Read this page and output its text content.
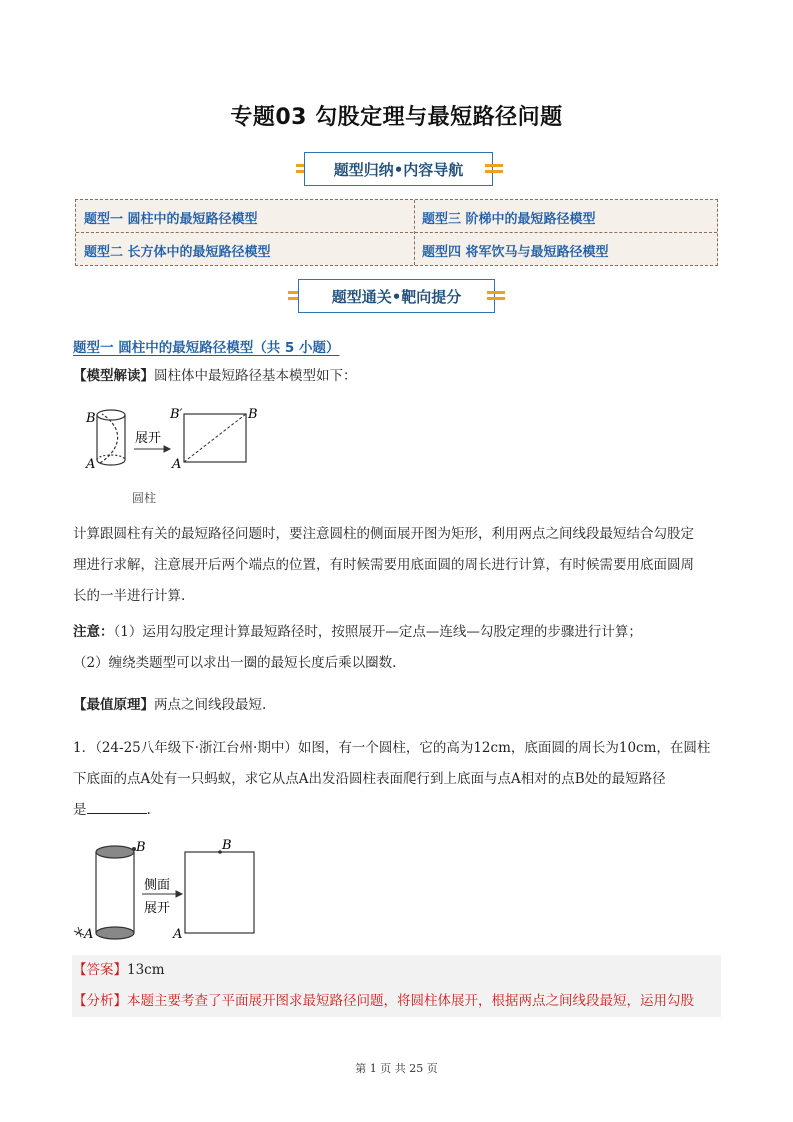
专题03 勾股定理与最短路径问题
题型归纳•内容导航
题型一 圆柱中的最短路径模型
题型二 长方体中的最短路径模型
题型三 阶梯中的最短路径模型
题型四 将军饮马与最短路径模型
题型通关•靶向提分
题型一 圆柱中的最短路径模型（共 5 小题）
【模型解读】圆柱体中最短路径基本模型如下：
B
A
展开
B′	B
A
圆柱
计算跟圆柱有关的最短路径问题时，要注意圆柱的侧面展开图为矩形，利用两点之间线段最短结合勾股定
理进行求解，注意展开后两个端点的位置，有时候需要用底面圆的周长进行计算，有时候需要用底面圆周
长的一半进行计算.
注意：（1）运用勾股定理计算最短路径时，按照展开—定点—连线—勾股定理的步骤进行计算；
（2）缠绕类题型可以求出一圈的最短长度后乘以圈数.
【最值原理】两点之间线段最短.
1．（24-25八年级下·浙江台州·期中）如图，有一个圆柱，它的高为12cm，底面圆的周长为10cm，在圆柱
下底面的点A处有一只蚂蚁，求它从点A出发沿圆柱表面爬行到上底面与点A相对的点B处的最短路径
是	.
B
A
侧面
展开
B
A
【答案】13cm
【分析】本题主要考查了平面展开图求最短路径问题，将圆柱体展开，根据两点之间线段最短，运用勾股
第 1 页 共 25 页
